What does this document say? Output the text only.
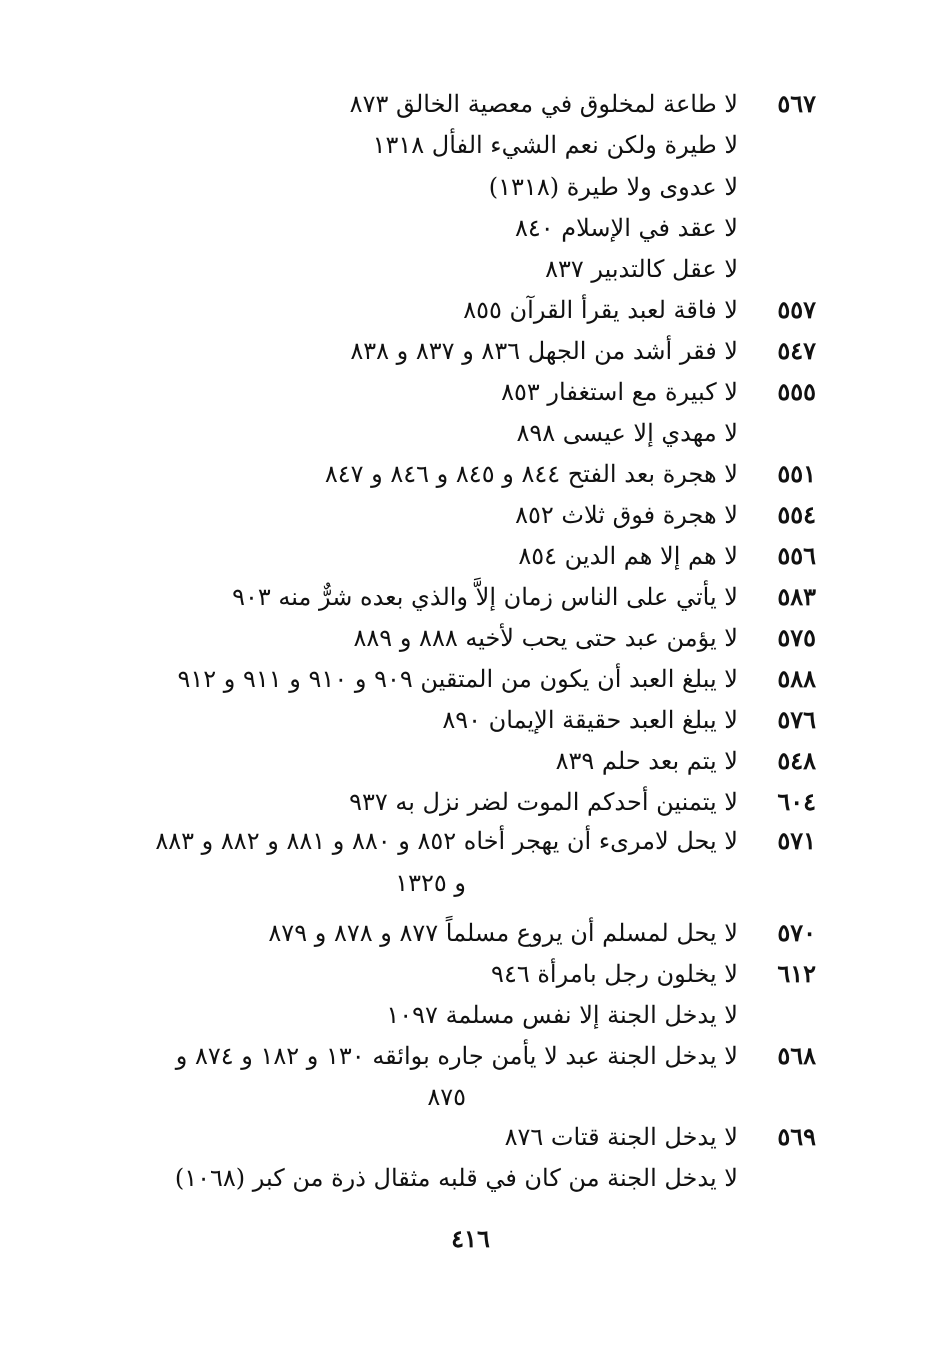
٥٦٧
لا طاعة لمخلوق في معصية الخالق ٨٧٣
لا طيرة ولكن نعم الشيء الفأل ١٣١٨
لا عدوى ولا طيرة (١٣١٨)
لا عقد في الإسلام ٨٤٠
لا عقل كالتدبير ٨٣٧
٥٥٧
لا فاقة لعبد يقرأ القرآن ٨٥٥
٥٤٧
لا فقر أشد من الجهل ٨٣٦ و ٨٣٧ و ٨٣٨
٥٥٥
لا كبيرة مع استغفار ٨٥٣
لا مهدي إلا عيسى ٨٩٨
٥٥١
لا هجرة بعد الفتح ٨٤٤ و ٨٤٥ و ٨٤٦ و ٨٤٧
٥٥٤
لا هجرة فوق ثلاث ٨٥٢
٥٥٦
لا هم إلا هم الدين ٨٥٤
٥٨٣
لا يأتي على الناس زمان إلاَّ والذي بعده شرٌّ منه ٩٠٣
٥٧٥
لا يؤمن عبد حتى يحب لأخيه ٨٨٨ و ٨٨٩
٥٨٨
لا يبلغ العبد أن يكون من المتقين ٩٠٩ و ٩١٠ و ٩١١ و ٩١٢
٥٧٦
لا يبلغ العبد حقيقة الإيمان ٨٩٠
٥٤٨
لا يتم بعد حلم ٨٣٩
٦٠٤
لا يتمنين أحدكم الموت لضر نزل به ٩٣٧
٥٧١
لا يحل لامرىء أن يهجر أخاه ٨٥٢ و ٨٨٠ و ٨٨١ و ٨٨٢ و ٨٨٣
و ١٣٢٥
٥٧٠
لا يحل لمسلم أن يروع مسلماً ٨٧٧ و ٨٧٨ و ٨٧٩
٦١٢
لا يخلون رجل بامرأة ٩٤٦
لا يدخل الجنة إلا نفس مسلمة ١٠٩٧
٥٦٨
لا يدخل الجنة عبد لا يأمن جاره بوائقه ١٣٠ و ١٨٢ و ٨٧٤ و
٨٧٥
٥٦٩
لا يدخل الجنة قتات ٨٧٦
لا يدخل الجنة من كان في قلبه مثقال ذرة من كبر (١٠٦٨)
٤١٦
